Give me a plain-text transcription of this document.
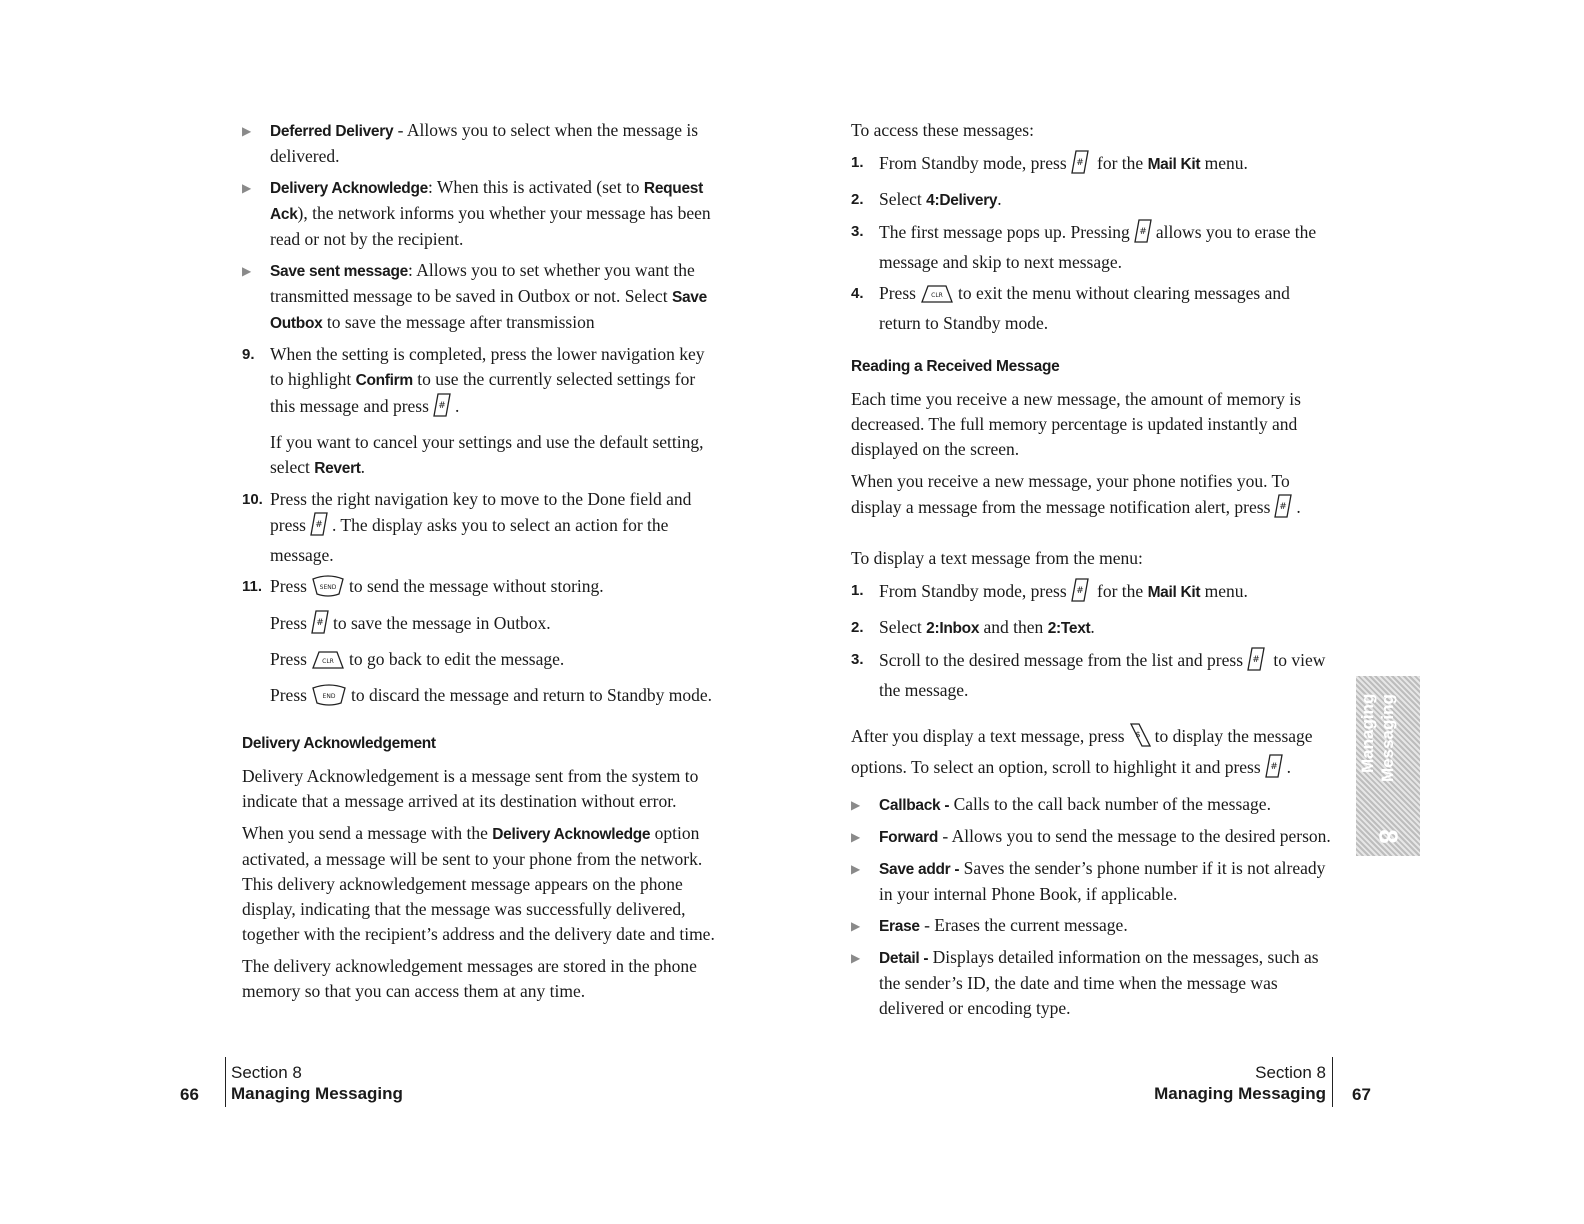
▶ Deferred Delivery - Allows you to select when the message is delivered.
▶ Delivery Acknowledge: When this is activated (set to Request Ack), the network informs you whether your message has been read or not by the recipient.
▶ Save sent message: Allows you to set whether you want the transmitted message to be saved in Outbox or not. Select Save Outbox to save the message after transmission
9. When the setting is completed, press the lower navigation key to highlight Confirm to use the currently selected settings for this message and press # .
If you want to cancel your settings and use the default setting, select Revert.
10. Press the right navigation key to move to the Done field and press # . The display asks you to select an action for the message.
11. Press SEND to send the message without storing.
Press # to save the message in Outbox.
Press	CLR to go back to edit the message.
Press	END to discard the message and return to Standby mode.
Delivery Acknowledgement

Delivery Acknowledgement is a message sent from the system to indicate that a message arrived at its destination without error.

When you send a message with the Delivery Acknowledge option activated, a message will be sent to your phone from the network. This delivery acknowledgement message appears on the phone display, indicating that the message was successfully delivered, together with the recipient’s address and the delivery date and time.

The delivery acknowledgement messages are stored in the phone memory so that you can access them at any time.

To access these messages:

1. From Standby mode, press # for the Mail Kit menu.
2. Select 4:Delivery.
3. The first message pops up. Pressing # allows you to erase the message and skip to next message.
4. Press	CLR to exit the menu without clearing messages and return to Standby mode.
Reading a Received Message

Each time you receive a new message, the amount of memory is decreased. The full memory percentage is updated instantly and displayed on the screen.

When you receive a new message, your phone notifies you. To display a message from the message notification alert, press # .

To display a text message from the menu:

1. From Standby mode, press # for the Mail Kit menu.
2. Select 2:Inbox and then 2:Text.
3. Scroll to the desired message from the list and press # to view the message.

After you display a text message, press $ to display the message options. To select an option, scroll to highlight it and press # .

▶ Callback - Calls to the call back number of the message.
▶ Forward - Allows you to send the message to the desired person.
▶ Save addr - Saves the sender’s phone number if it is not already in your internal Phone Book, if applicable.
▶ Erase - Erases the current message.
▶ Detail - Displays detailed information on the messages, such as the sender’s ID, the date and time when the message was delivered or encoding type.
Managing Messaging
8
66
Section 8
Managing Messaging
Section 8
Managing Messaging 67
